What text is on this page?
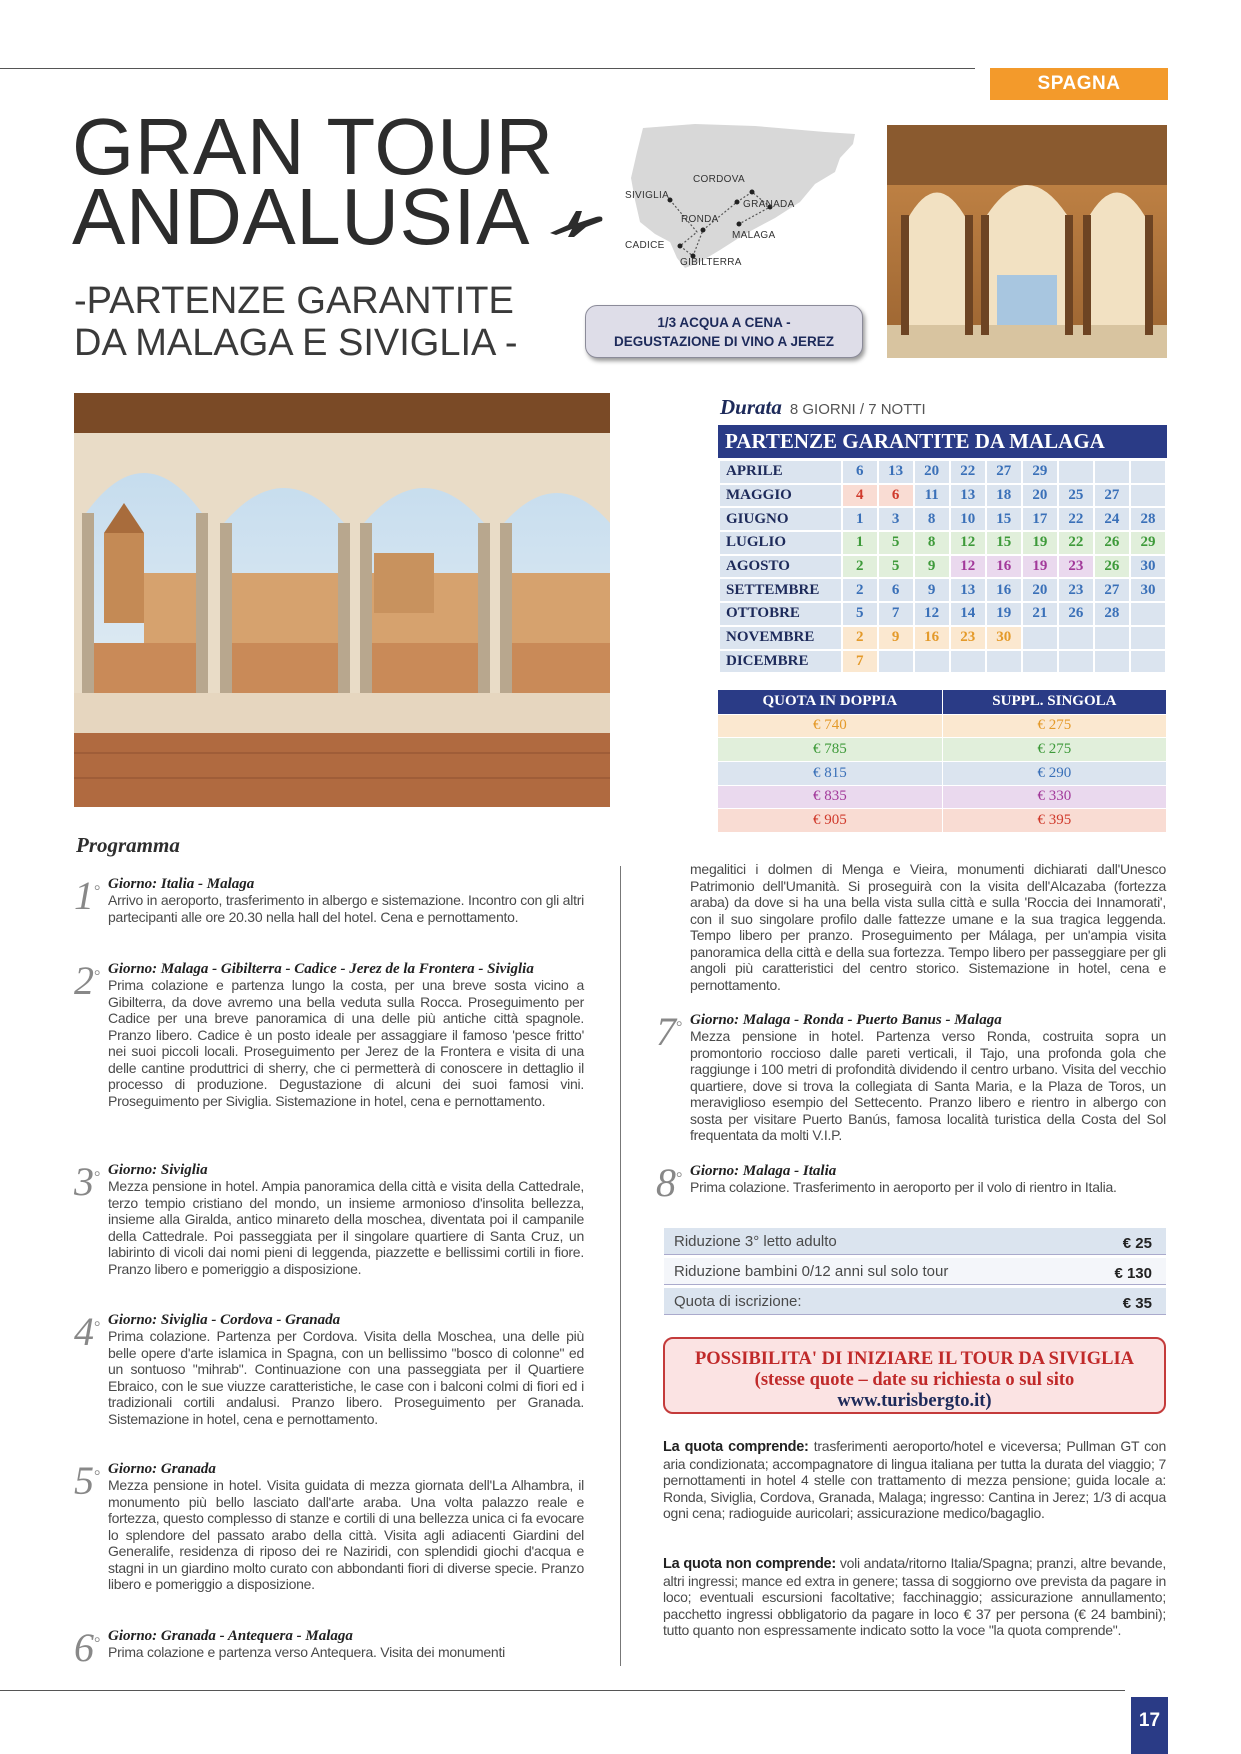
SPAGNA
GRAN TOUR
ANDALUSIA
-PARTENZE GARANTITE
DA MALAGA E SIVIGLIA -
CORDOVA
SIVIGLIA
GRANADA
RONDA
MALAGA
CADICE
GIBILTERRA
1/3 ACQUA A CENA -
DEGUSTAZIONE DI VINO A JEREZ
Durata 8 GIORNI / 7 NOTTI
PARTENZE GARANTITE DA MALAGA
APRILE	6	13	20	22	27	29			
MAGGIO	4	6	11	13	18	20	25	27	
GIUGNO	1	3	8	10	15	17	22	24	28
LUGLIO	1	5	8	12	15	19	22	26	29
AGOSTO	2	5	9	12	16	19	23	26	30
SETTEMBRE	2	6	9	13	16	20	23	27	30
OTTOBRE	5	7	12	14	19	21	26	28	
NOVEMBRE	2	9	16	23	30				
DICEMBRE	7								
QUOTA IN DOPPIA	SUPPL. SINGOLA
€ 740	€ 275
€ 785	€ 275
€ 815	€ 290
€ 835	€ 330
€ 905	€ 395
Programma
1° Giorno: Italia - Malaga
Arrivo in aeroporto, trasferimento in albergo e sistemazione. Incontro con gli altri partecipanti alle ore 20.30 nella hall del hotel. Cena e pernottamento.
2° Giorno: Malaga - Gibilterra - Cadice - Jerez de la Frontera - Siviglia
Prima colazione e partenza lungo la costa, per una breve sosta vicino a Gibilterra, da dove avremo una bella veduta sulla Rocca. Proseguimento per Cadice per una breve panoramica di una delle più antiche città spagnole. Pranzo libero. Cadice è un posto ideale per assaggiare il famoso 'pesce fritto' nei suoi piccoli locali. Proseguimento per Jerez de la Frontera e visita di una delle cantine produttrici di sherry, che ci permetterà di conoscere in dettaglio il processo di produzione. Degustazione di alcuni dei suoi famosi vini. Proseguimento per Siviglia. Sistemazione in hotel, cena e pernottamento.
3° Giorno: Siviglia
Mezza pensione in hotel. Ampia panoramica della città e visita della Cattedrale, terzo tempio cristiano del mondo, un insieme armonioso d'insolita bellezza, insieme alla Giralda, antico minareto della moschea, diventata poi il campanile della Cattedrale. Poi passeggiata per il singolare quartiere di Santa Cruz, un labirinto di vicoli dai nomi pieni di leggenda, piazzette e bellissimi cortili in fiore. Pranzo libero e pomeriggio a disposizione.
4° Giorno: Siviglia - Cordova - Granada
Prima colazione. Partenza per Cordova. Visita della Moschea, una delle più belle opere d'arte islamica in Spagna, con un bellissimo "bosco di colonne" ed un sontuoso "mihrab". Continuazione con una passeggiata per il Quartiere Ebraico, con le sue viuzze caratteristiche, le case con i balconi colmi di fiori ed i tradizionali cortili andalusi. Pranzo libero. Proseguimento per Granada. Sistemazione in hotel, cena e pernottamento.
5° Giorno: Granada
Mezza pensione in hotel. Visita guidata di mezza giornata dell'La Alhambra, il monumento più bello lasciato dall'arte araba. Una volta palazzo reale e fortezza, questo complesso di stanze e cortili di una bellezza unica ci fa evocare lo splendore del passato arabo della città. Visita agli adiacenti Giardini del Generalife, residenza di riposo dei re Naziridi, con splendidi giochi d'acqua e stagni in un giardino molto curato con abbondanti fiori di diverse specie. Pranzo libero e pomeriggio a disposizione.
6° Giorno: Granada - Antequera - Malaga
Prima colazione e partenza verso Antequera. Visita dei monumenti
megalitici i dolmen di Menga e Vieira, monumenti dichiarati dall'Unesco Patrimonio dell'Umanità. Si proseguirà con la visita dell'Alcazaba (fortezza araba) da dove si ha una bella vista sulla città e sulla 'Roccia dei Innamorati', con il suo singolare profilo dalle fattezze umane e la sua tragica leggenda. Tempo libero per pranzo. Proseguimento per Málaga, per un'ampia visita panoramica della città e della sua fortezza. Tempo libero per passeggiare per gli angoli più caratteristici del centro storico. Sistemazione in hotel, cena e pernottamento.
7° Giorno: Malaga - Ronda - Puerto Banus - Malaga
Mezza pensione in hotel. Partenza verso Ronda, costruita sopra un promontorio roccioso dalle pareti verticali, il Tajo, una profonda gola che raggiunge i 100 metri di profondità dividendo il centro urbano. Visita del vecchio quartiere, dove si trova la collegiata di Santa Maria, e la Plaza de Toros, un meraviglioso esempio del Settecento. Pranzo libero e rientro in albergo con sosta per visitare Puerto Banús, famosa località turistica della Costa del Sol frequentata da molti V.I.P.
8° Giorno: Malaga - Italia
Prima colazione. Trasferimento in aeroporto per il volo di rientro in Italia.
Riduzione 3° letto adulto	€ 25
Riduzione bambini 0/12 anni sul solo tour	€ 130
Quota di iscrizione:	€ 35
POSSIBILITA' DI INIZIARE IL TOUR DA SIVIGLIA
(stesse quote – date su richiesta o sul sito
www.turisbergto.it)
La quota comprende: trasferimenti aeroporto/hotel e viceversa; Pullman GT con aria condizionata; accompagnatore di lingua italiana per tutta la durata del viaggio; 7 pernottamenti in hotel 4 stelle con trattamento di mezza pensione; guida locale a: Ronda, Siviglia, Cordova, Granada, Malaga; ingresso: Cantina in Jerez; 1/3 di acqua ogni cena; radioguide auricolari; assicurazione medico/bagaglio.
La quota non comprende: voli andata/ritorno Italia/Spagna; pranzi, altre bevande, altri ingressi; mance ed extra in genere; tassa di soggiorno ove prevista da pagare in loco; eventuali escursioni facoltative; facchinaggio; assicurazione annullamento; pacchetto ingressi obbligatorio da pagare in loco € 37 per persona (€ 24 bambini); tutto quanto non espressamente indicato sotto la voce "la quota comprende".
17
